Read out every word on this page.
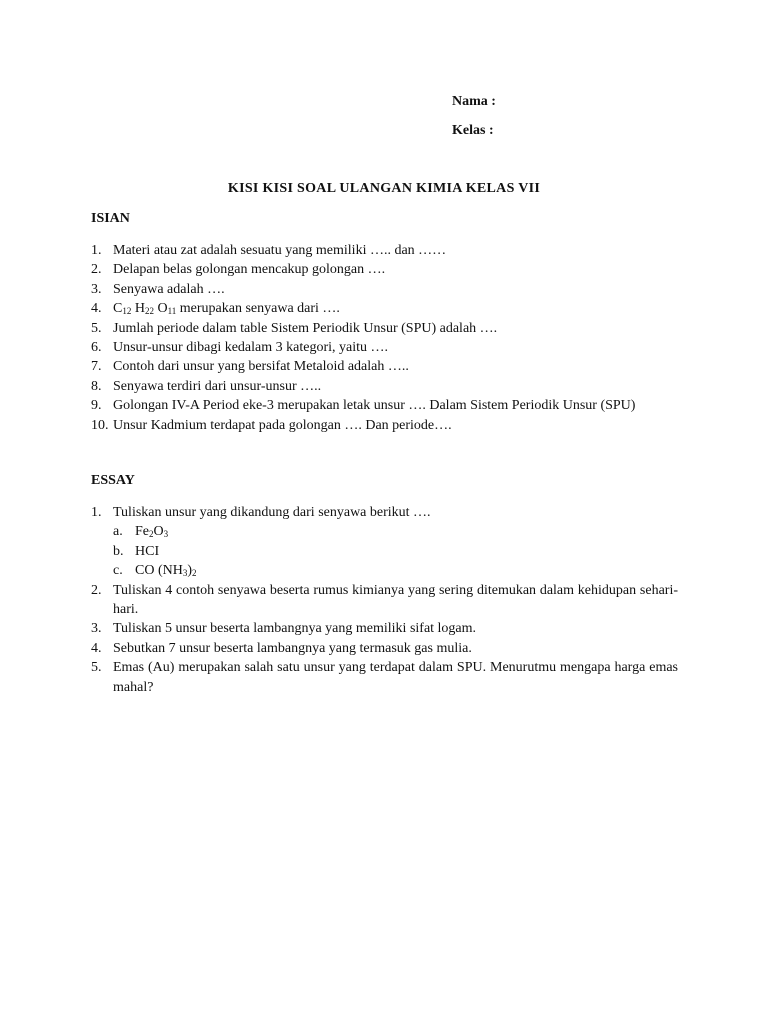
Nama :
Kelas :
KISI KISI SOAL ULANGAN KIMIA KELAS VII
ISIAN
1. Materi atau zat adalah sesuatu yang memiliki ….. dan ……
2. Delapan belas golongan mencakup golongan ….
3. Senyawa adalah ….
4. $C_{12}$ $H_{22}$ $O_{11}$ merupakan senyawa dari ….
5. Jumlah periode dalam table Sistem Periodik Unsur (SPU) adalah ….
6. Unsur-unsur dibagi kedalam 3 kategori, yaitu ….
7. Contoh dari unsur yang bersifat Metaloid adalah …..
8. Senyawa terdiri dari unsur-unsur …..
9. Golongan IV-A Period eke-3 merupakan letak unsur …. Dalam Sistem Periodik Unsur (SPU)
10. Unsur Kadmium terdapat pada golongan …. Dan periode….
ESSAY
1. Tuliskan unsur yang dikandung dari senyawa berikut ….
a. $Fe_2O_3$
b. HCI
c. CO $(NH_3)_2$
2. Tuliskan 4 contoh senyawa beserta rumus kimianya yang sering ditemukan dalam kehidupan sehari-hari.
3. Tuliskan 5 unsur beserta lambangnya yang memiliki sifat logam.
4. Sebutkan 7 unsur beserta lambangnya yang termasuk gas mulia.
5. Emas (Au) merupakan salah satu unsur yang terdapat dalam SPU. Menurutmu mengapa harga emas mahal?
